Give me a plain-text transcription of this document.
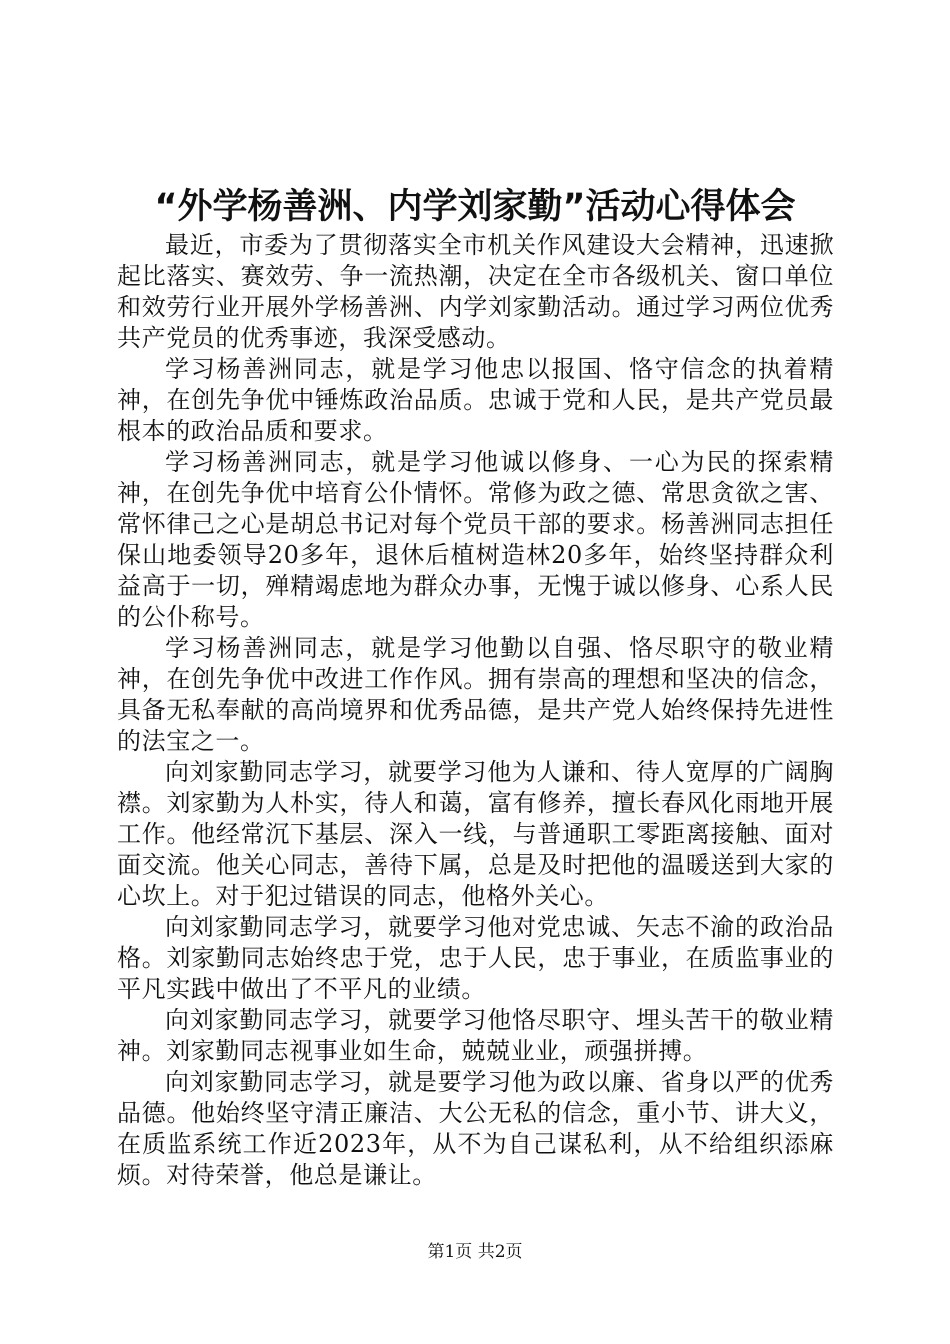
“外学杨善洲、内学刘家勤”活动心得体会

最近，市委为了贯彻落实全市机关作风建设大会精神，迅速掀起比落实、赛效劳、争一流热潮，决定在全市各级机关、窗口单位和效劳行业开展外学杨善洲、内学刘家勤活动。通过学习两位优秀共产党员的优秀事迹，我深受感动。

学习杨善洲同志，就是学习他忠以报国、恪守信念的执着精神，在创先争优中锤炼政治品质。忠诚于党和人民，是共产党员最根本的政治品质和要求。

学习杨善洲同志，就是学习他诚以修身、一心为民的探索精神，在创先争优中培育公仆情怀。常修为政之德、常思贪欲之害、常怀律己之心是胡总书记对每个党员干部的要求。杨善洲同志担任保山地委领导20多年，退休后植树造林20多年，始终坚持群众利益高于一切，殚精竭虑地为群众办事，无愧于诚以修身、心系人民的公仆称号。

学习杨善洲同志，就是学习他勤以自强、恪尽职守的敬业精神，在创先争优中改进工作作风。拥有崇高的理想和坚决的信念，具备无私奉献的高尚境界和优秀品德，是共产党人始终保持先进性的法宝之一。

向刘家勤同志学习，就要学习他为人谦和、待人宽厚的广阔胸襟。刘家勤为人朴实，待人和蔼，富有修养，擅长春风化雨地开展工作。他经常沉下基层、深入一线，与普通职工零距离接触、面对面交流。他关心同志，善待下属，总是及时把他的温暖送到大家的心坎上。对于犯过错误的同志，他格外关心。

向刘家勤同志学习，就要学习他对党忠诚、矢志不渝的政治品格。刘家勤同志始终忠于党，忠于人民，忠于事业，在质监事业的平凡实践中做出了不平凡的业绩。

向刘家勤同志学习，就要学习他恪尽职守、埋头苦干的敬业精神。刘家勤同志视事业如生命，兢兢业业，顽强拼搏。

向刘家勤同志学习，就是要学习他为政以廉、省身以严的优秀品德。他始终坚守清正廉洁、大公无私的信念，重小节、讲大义，在质监系统工作近2023年，从不为自己谋私利，从不给组织添麻烦。对待荣誉，他总是谦让。

第1页 共2页
